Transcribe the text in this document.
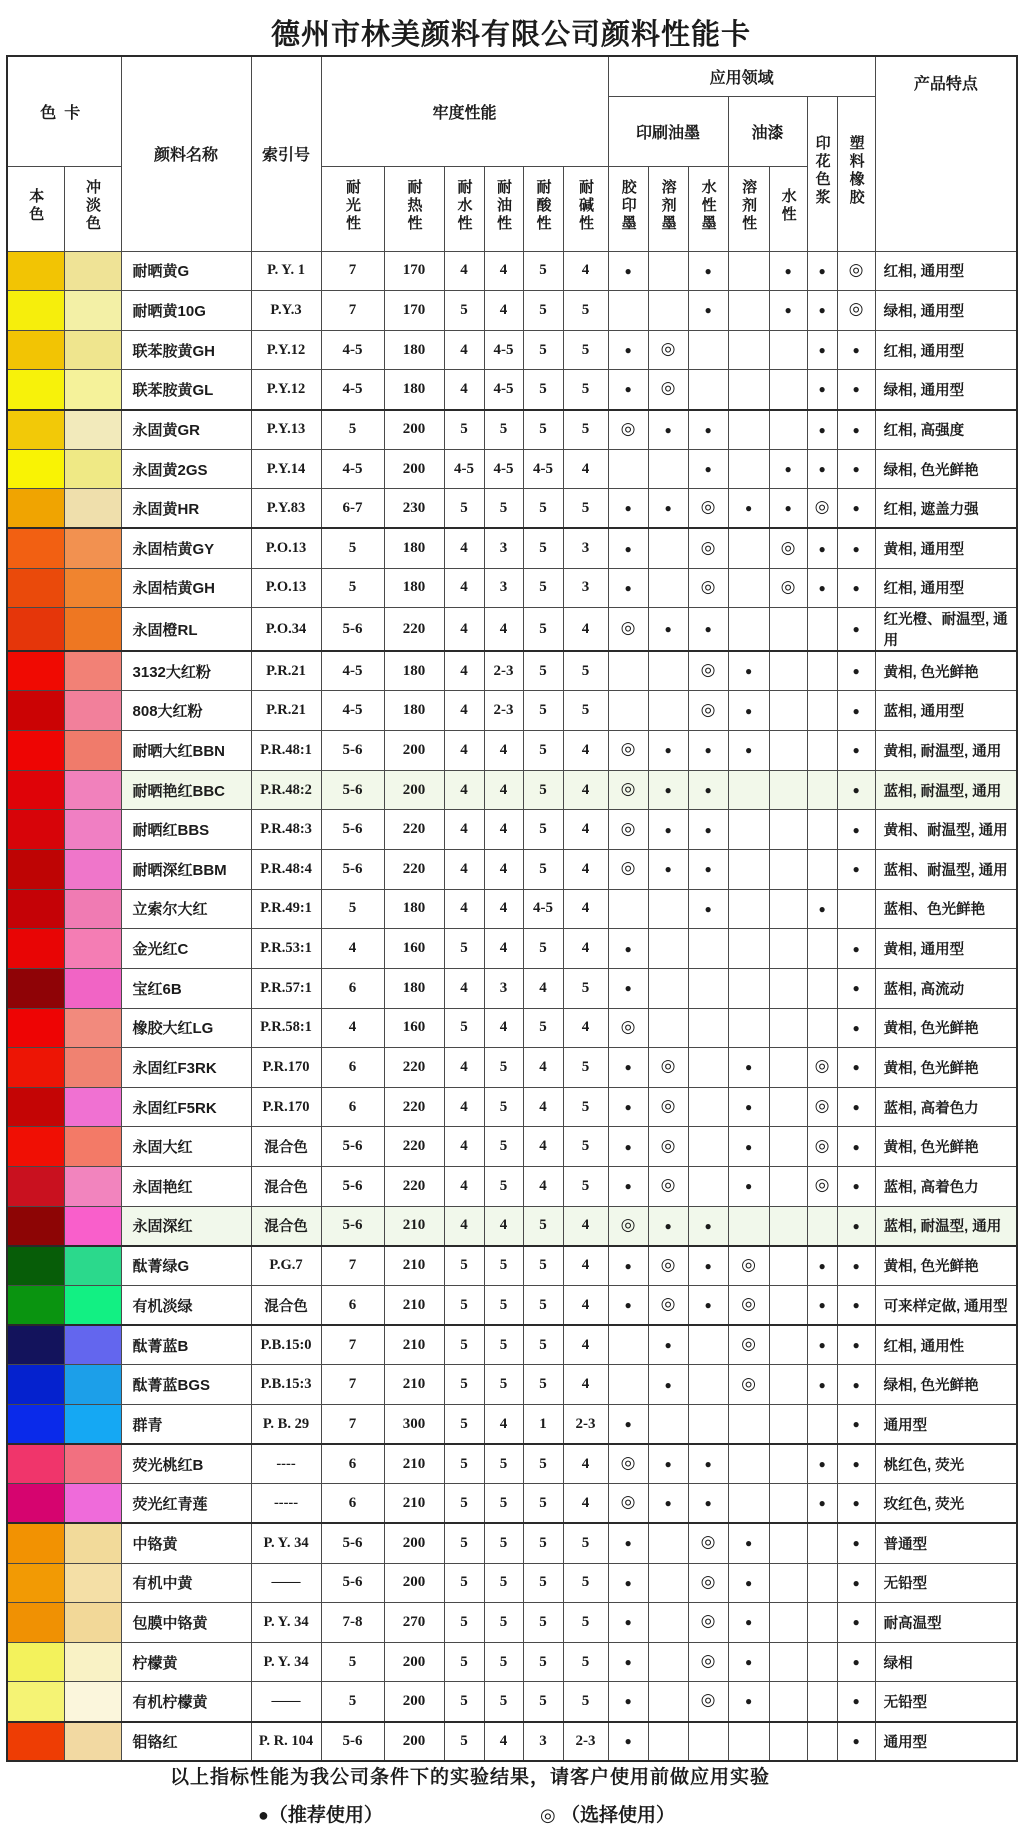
德州市林美颜料有限公司颜料性能卡
色卡		颜料名称	索引号	牢度性能						应用领域							产品特点
										印刷油墨			油漆		印花色浆	塑料橡胶	
本色	冲淡色			耐光性	耐热性	耐水性	耐油性	耐酸性	耐碱性	胶印墨	溶剂墨	水性墨	溶剂性	水性			
		耐晒黄G	P. Y. 1	7	170	4	4	5	4	●		●		●	●	◎	红相, 通用型
		耐晒黄10G	P.Y.3	7	170	5	4	5	5			●		●	●	◎	绿相, 通用型
		联苯胺黄GH	P.Y.12	4-5	180	4	4-5	5	5	●	◎				●	●	红相, 通用型
		联苯胺黄GL	P.Y.12	4-5	180	4	4-5	5	5	●	◎				●	●	绿相, 通用型
		永固黄GR	P.Y.13	5	200	5	5	5	5	◎	●	●			●	●	红相, 高强度
		永固黄2GS	P.Y.14	4-5	200	4-5	4-5	4-5	4			●		●	●	●	绿相, 色光鲜艳
		永固黄HR	P.Y.83	6-7	230	5	5	5	5	●	●	◎	●	●	◎	●	红相, 遮盖力强
		永固桔黄GY	P.O.13	5	180	4	3	5	3	●		◎		◎	●	●	黄相, 通用型
		永固桔黄GH	P.O.13	5	180	4	3	5	3	●		◎		◎	●	●	红相, 通用型
		永固橙RL	P.O.34	5-6	220	4	4	5	4	◎	●	●				●	红光橙、耐温型, 通用
		3132大红粉	P.R.21	4-5	180	4	2-3	5	5			◎	●			●	黄相, 色光鲜艳
		808大红粉	P.R.21	4-5	180	4	2-3	5	5			◎	●			●	蓝相, 通用型
		耐晒大红BBN	P.R.48:1	5-6	200	4	4	5	4	◎	●	●	●			●	黄相, 耐温型, 通用
		耐晒艳红BBC	P.R.48:2	5-6	200	4	4	5	4	◎	●	●				●	蓝相, 耐温型, 通用
		耐晒红BBS	P.R.48:3	5-6	220	4	4	5	4	◎	●	●				●	黄相、耐温型, 通用
		耐晒深红BBM	P.R.48:4	5-6	220	4	4	5	4	◎	●	●				●	蓝相、耐温型, 通用
		立索尔大红	P.R.49:1	5	180	4	4	4-5	4			●			●		蓝相、色光鲜艳
		金光红C	P.R.53:1	4	160	5	4	5	4	●						●	黄相, 通用型
		宝红6B	P.R.57:1	6	180	4	3	4	5	●						●	蓝相, 高流动
		橡胶大红LG	P.R.58:1	4	160	5	4	5	4	◎						●	黄相, 色光鲜艳
		永固红F3RK	P.R.170	6	220	4	5	4	5	●	◎		●		◎	●	黄相, 色光鲜艳
		永固红F5RK	P.R.170	6	220	4	5	4	5	●	◎		●		◎	●	蓝相, 高着色力
		永固大红	混合色	5-6	220	4	5	4	5	●	◎		●		◎	●	黄相, 色光鲜艳
		永固艳红	混合色	5-6	220	4	5	4	5	●	◎		●		◎	●	蓝相, 高着色力
		永固深红	混合色	5-6	210	4	4	5	4	◎	●	●				●	蓝相, 耐温型, 通用
		酞菁绿G	P.G.7	7	210	5	5	5	4	●	◎	●	◎		●	●	黄相, 色光鲜艳
		有机淡绿	混合色	6	210	5	5	5	4	●	◎	●	◎		●	●	可来样定做, 通用型
		酞菁蓝B	P.B.15:0	7	210	5	5	5	4		●		◎		●	●	红相, 通用性
		酞菁蓝BGS	P.B.15:3	7	210	5	5	5	4		●		◎		●	●	绿相, 色光鲜艳
		群青	P. B. 29	7	300	5	4	1	2-3	●						●	通用型
		荧光桃红B	----	6	210	5	5	5	4	◎	●	●			●	●	桃红色, 荧光
		荧光红青莲	-----	6	210	5	5	5	4	◎	●	●			●	●	玫红色, 荧光
		中铬黄	P. Y. 34	5-6	200	5	5	5	5	●		◎	●			●	普通型
		有机中黄	——	5-6	200	5	5	5	5	●		◎	●			●	无铅型
		包膜中铬黄	P. Y. 34	7-8	270	5	5	5	5	●		◎	●			●	耐高温型
		柠檬黄	P. Y. 34	5	200	5	5	5	5	●		◎	●			●	绿相
		有机柠檬黄	——	5	200	5	5	5	5	●		◎	●			●	无铅型
		钼铬红	P. R. 104	5-6	200	5	4	3	2-3	●						●	通用型
以上指标性能为我公司条件下的实验结果，请客户使用前做应用实验
●（推荐使用）	◎ （选择使用）
